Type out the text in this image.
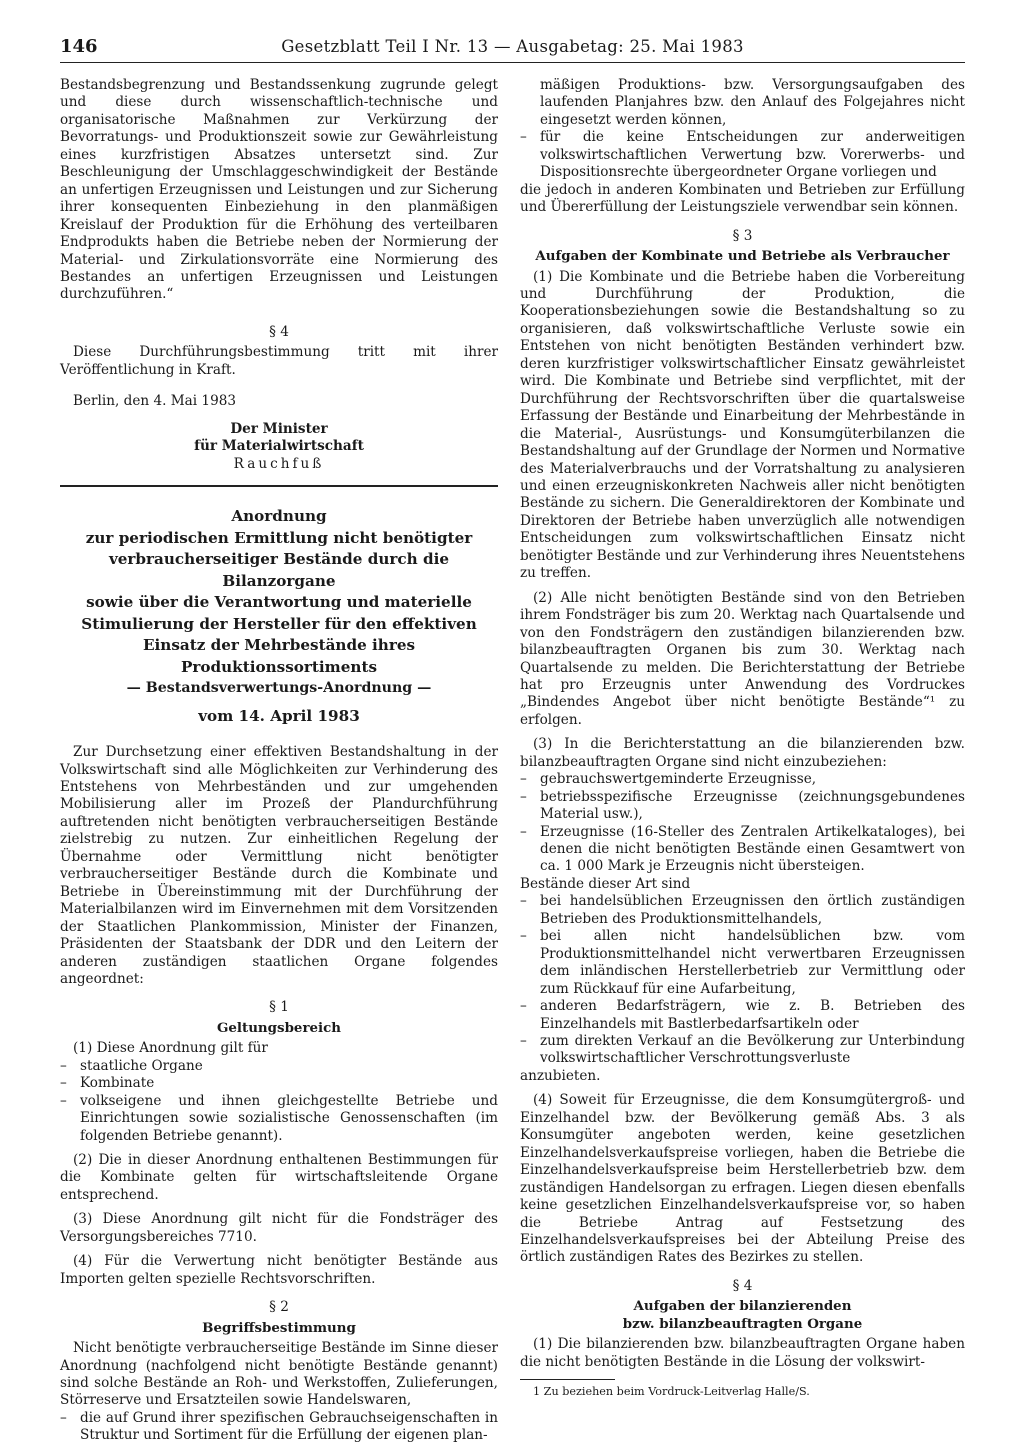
146	Gesetzblatt Teil I Nr. 13 — Ausgabetag: 25. Mai 1983

Bestandsbegrenzung und Bestandssenkung zugrunde gelegt und diese durch wissenschaftlich-technische und organisatorische Maßnahmen zur Verkürzung der Bevorratungs- und Produktionszeit sowie zur Gewährleistung eines kurzfristigen Absatzes untersetzt sind. Zur Beschleunigung der Umschlaggeschwindigkeit der Bestände an unfertigen Erzeugnissen und Leistungen und zur Sicherung ihrer konsequenten Einbeziehung in den planmäßigen Kreislauf der Produktion für die Erhöhung des verteilbaren Endprodukts haben die Betriebe neben der Normierung der Material- und Zirkulationsvorräte eine Normierung des Bestandes an unfertigen Erzeugnissen und Leistungen durchzuführen.“

§ 4

Diese Durchführungsbestimmung tritt mit ihrer Veröffentlichung in Kraft.

Berlin, den 4. Mai 1983

Der Minister

für Materialwirtschaft

Rauchfuß

Anordnung

zur periodischen Ermittlung nicht benötigter

verbraucherseitiger Bestände durch die Bilanzorgane

sowie über die Verantwortung und materielle

Stimulierung der Hersteller für den effektiven

Einsatz der Mehrbestände ihres Produktionssortiments

— Bestandsverwertungs-Anordnung —

vom 14. April 1983

Zur Durchsetzung einer effektiven Bestandshaltung in der Volkswirtschaft sind alle Möglichkeiten zur Verhinderung des Entstehens von Mehrbeständen und zur umgehenden Mobilisierung aller im Prozeß der Plandurchführung auftretenden nicht benötigten verbraucherseitigen Bestände zielstrebig zu nutzen. Zur einheitlichen Regelung der Übernahme oder Vermittlung nicht benötigter verbraucherseitiger Bestände durch die Kombinate und Betriebe in Übereinstimmung mit der Durchführung der Materialbilanzen wird im Einvernehmen mit dem Vorsitzenden der Staatlichen Plankommission, Minister der Finanzen, Präsidenten der Staatsbank der DDR und den Leitern der anderen zuständigen staatlichen Organe folgendes angeordnet:

§ 1

Geltungsbereich

(1) Diese Anordnung gilt für

– staatliche Organe
– Kombinate
– volkseigene und ihnen gleichgestellte Betriebe und Einrichtungen sowie sozialistische Genossenschaften (im folgenden Betriebe genannt).

(2) Die in dieser Anordnung enthaltenen Bestimmungen für die Kombinate gelten für wirtschaftsleitende Organe entsprechend.

(3) Diese Anordnung gilt nicht für die Fondsträger des Versorgungsbereiches 7710.

(4) Für die Verwertung nicht benötigter Bestände aus Importen gelten spezielle Rechtsvorschriften.

§ 2

Begriffsbestimmung

Nicht benötigte verbraucherseitige Bestände im Sinne dieser Anordnung (nachfolgend nicht benötigte Bestände genannt) sind solche Bestände an Roh- und Werkstoffen, Zulieferungen, Störreserve und Ersatzteilen sowie Handelswaren,

– die auf Grund ihrer spezifischen Gebrauchseigenschaften in Struktur und Sortiment für die Erfüllung der eigenen plan-

mäßigen Produktions- bzw. Versorgungsaufgaben des laufenden Planjahres bzw. den Anlauf des Folgejahres nicht eingesetzt werden können,

– für die keine Entscheidungen zur anderweitigen volkswirtschaftlichen Verwertung bzw. Vorerwerbs- und Dispositionsrechte übergeordneter Organe vorliegen und

die jedoch in anderen Kombinaten und Betrieben zur Erfüllung und Übererfüllung der Leistungsziele verwendbar sein können.

§ 3

Aufgaben der Kombinate und Betriebe als Verbraucher

(1) Die Kombinate und die Betriebe haben die Vorbereitung und Durchführung der Produktion, die Kooperationsbeziehungen sowie die Bestandshaltung so zu organisieren, daß volkswirtschaftliche Verluste sowie ein Entstehen von nicht benötigten Beständen verhindert bzw. deren kurzfristiger volkswirtschaftlicher Einsatz gewährleistet wird. Die Kombinate und Betriebe sind verpflichtet, mit der Durchführung der Rechtsvorschriften über die quartalsweise Erfassung der Bestände und Einarbeitung der Mehrbestände in die Material-, Ausrüstungs- und Konsumgüterbilanzen die Bestandshaltung auf der Grundlage der Normen und Normative des Materialverbrauchs und der Vorratshaltung zu analysieren und einen erzeugniskonkreten Nachweis aller nicht benötigten Bestände zu sichern. Die Generaldirektoren der Kombinate und Direktoren der Betriebe haben unverzüglich alle notwendigen Entscheidungen zum volkswirtschaftlichen Einsatz nicht benötigter Bestände und zur Verhinderung ihres Neuentstehens zu treffen.

(2) Alle nicht benötigten Bestände sind von den Betrieben ihrem Fondsträger bis zum 20. Werktag nach Quartalsende und von den Fondsträgern den zuständigen bilanzierenden bzw. bilanzbeauftragten Organen bis zum 30. Werktag nach Quartalsende zu melden. Die Berichterstattung der Betriebe hat pro Erzeugnis unter Anwendung des Vordruckes „Bindendes Angebot über nicht benötigte Bestände“¹ zu erfolgen.

(3) In die Berichterstattung an die bilanzierenden bzw. bilanzbeauftragten Organe sind nicht einzubeziehen:

– gebrauchswertgeminderte Erzeugnisse,
– betriebsspezifische Erzeugnisse (zeichnungsgebundenes Material usw.),
– Erzeugnisse (16-Steller des Zentralen Artikelkataloges), bei denen die nicht benötigten Bestände einen Gesamtwert von ca. 1 000 Mark je Erzeugnis nicht übersteigen.

Bestände dieser Art sind

– bei handelsüblichen Erzeugnissen den örtlich zuständigen Betrieben des Produktionsmittelhandels,
– bei allen nicht handelsüblichen bzw. vom Produktionsmittelhandel nicht verwertbaren Erzeugnissen dem inländischen Herstellerbetrieb zur Vermittlung oder zum Rückkauf für eine Aufarbeitung,
– anderen Bedarfsträgern, wie z. B. Betrieben des Einzelhandels mit Bastlerbedarfsartikeln oder
– zum direkten Verkauf an die Bevölkerung zur Unterbindung volkswirtschaftlicher Verschrottungsverluste

anzubieten.

(4) Soweit für Erzeugnisse, die dem Konsumgütergroß- und Einzelhandel bzw. der Bevölkerung gemäß Abs. 3 als Konsumgüter angeboten werden, keine gesetzlichen Einzelhandelsverkaufspreise vorliegen, haben die Betriebe die Einzelhandelsverkaufspreise beim Herstellerbetrieb bzw. dem zuständigen Handelsorgan zu erfragen. Liegen diesen ebenfalls keine gesetzlichen Einzelhandelsverkaufspreise vor, so haben die Betriebe Antrag auf Festsetzung des Einzelhandelsverkaufspreises bei der Abteilung Preise des örtlich zuständigen Rates des Bezirkes zu stellen.

§ 4

Aufgaben der bilanzierenden

bzw. bilanzbeauftragten Organe

(1) Die bilanzierenden bzw. bilanzbeauftragten Organe haben die nicht benötigten Bestände in die Lösung der volkswirt-

1 Zu beziehen beim Vordruck-Leitverlag Halle/S.
